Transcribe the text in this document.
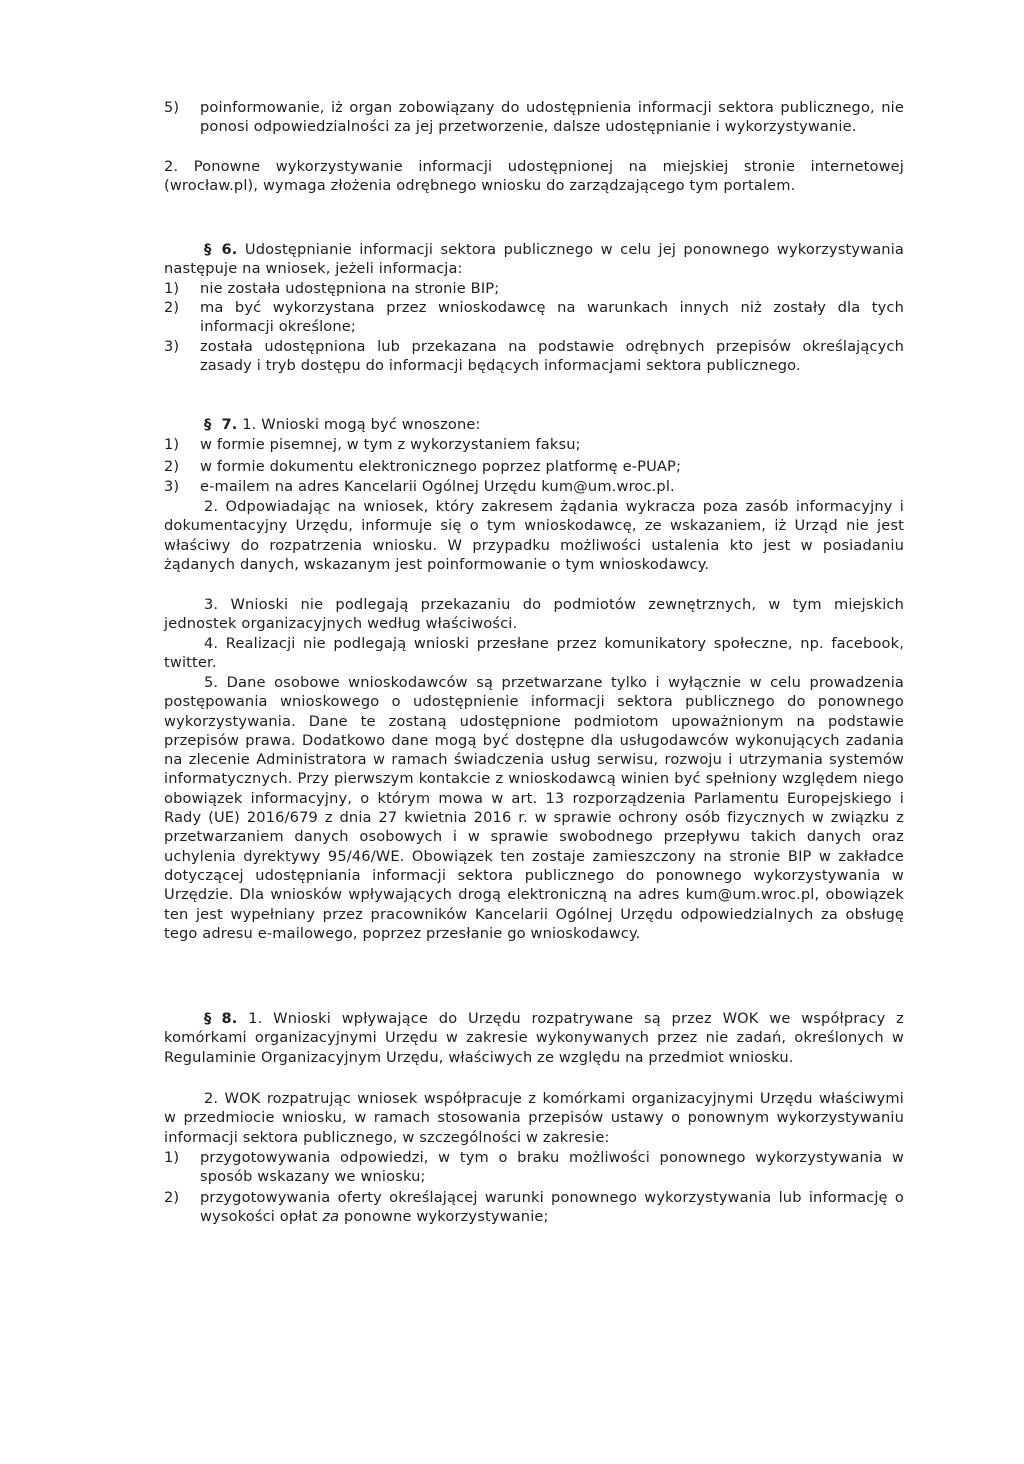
5)	poinformowanie, iż organ zobowiązany do udostępnienia informacji sektora publicznego, nie ponosi odpowiedzialności za jej przetworzenie, dalsze udostępnianie i wykorzystywanie.

2. Ponowne wykorzystywanie informacji udostępnionej na miejskiej stronie internetowej (wrocław.pl), wymaga złożenia odrębnego wniosku do zarządzającego tym portalem.

§ 6. Udostępnianie informacji sektora publicznego w celu jej ponownego wykorzystywania następuje na wniosek, jeżeli informacja:

1)	nie została udostępniona na stronie BIP;
2)	ma być wykorzystana przez wnioskodawcę na warunkach innych niż zostały dla tych informacji określone;
3)	została udostępniona lub przekazana na podstawie odrębnych przepisów określających zasady i tryb dostępu do informacji będących informacjami sektora publicznego.

§ 7. 1. Wnioski mogą być wnoszone:

1)	w formie pisemnej, w tym z wykorzystaniem faksu;
2)	w formie dokumentu elektronicznego poprzez platformę e-PUAP;
3)	e-mailem na adres Kancelarii Ogólnej Urzędu kum@um.wroc.pl.

2. Odpowiadając na wniosek, który zakresem żądania wykracza poza zasób informacyjny i dokumentacyjny Urzędu, informuje się o tym wnioskodawcę, ze wskazaniem, iż Urząd nie jest właściwy do rozpatrzenia wniosku. W przypadku możliwości ustalenia kto jest w posiadaniu żądanych danych, wskazanym jest poinformowanie o tym wnioskodawcy.

3. Wnioski nie podlegają przekazaniu do podmiotów zewnętrznych, w tym miejskich jednostek organizacyjnych według właściwości.

4. Realizacji nie podlegają wnioski przesłane przez komunikatory społeczne, np. facebook, twitter.

5. Dane osobowe wnioskodawców są przetwarzane tylko i wyłącznie w celu prowadzenia postępowania wnioskowego o udostępnienie informacji sektora publicznego do ponownego wykorzystywania. Dane te zostaną udostępnione podmiotom upoważnionym na podstawie przepisów prawa. Dodatkowo dane mogą być dostępne dla usługodawców wykonujących zadania na zlecenie Administratora w ramach świadczenia usług serwisu, rozwoju i utrzymania systemów informatycznych. Przy pierwszym kontakcie z wnioskodawcą winien być spełniony względem niego obowiązek informacyjny, o którym mowa w art. 13 rozporządzenia Parlamentu Europejskiego i Rady (UE) 2016/679 z dnia 27 kwietnia 2016 r. w sprawie ochrony osób fizycznych w związku z przetwarzaniem danych osobowych i w sprawie swobodnego przepływu takich danych oraz uchylenia dyrektywy 95/46/WE. Obowiązek ten zostaje zamieszczony na stronie BIP w zakładce dotyczącej udostępniania informacji sektora publicznego do ponownego wykorzystywania w Urzędzie. Dla wniosków wpływających drogą elektroniczną na adres kum@um.wroc.pl, obowiązek ten jest wypełniany przez pracowników Kancelarii Ogólnej Urzędu odpowiedzialnych za obsługę tego adresu e-mailowego, poprzez przesłanie go wnioskodawcy.

§ 8. 1. Wnioski wpływające do Urzędu rozpatrywane są przez WOK we współpracy z komórkami organizacyjnymi Urzędu w zakresie wykonywanych przez nie zadań, określonych w Regulaminie Organizacyjnym Urzędu, właściwych ze względu na przedmiot wniosku.

2. WOK rozpatrując wniosek współpracuje z komórkami organizacyjnymi Urzędu właściwymi w przedmiocie wniosku, w ramach stosowania przepisów ustawy o ponownym wykorzystywaniu informacji sektora publicznego, w szczególności w zakresie:

1)	przygotowywania odpowiedzi, w tym o braku możliwości ponownego wykorzystywania w sposób wskazany we wniosku;
2)	przygotowywania oferty określającej warunki ponownego wykorzystywania lub informację o wysokości opłat za ponowne wykorzystywanie;
